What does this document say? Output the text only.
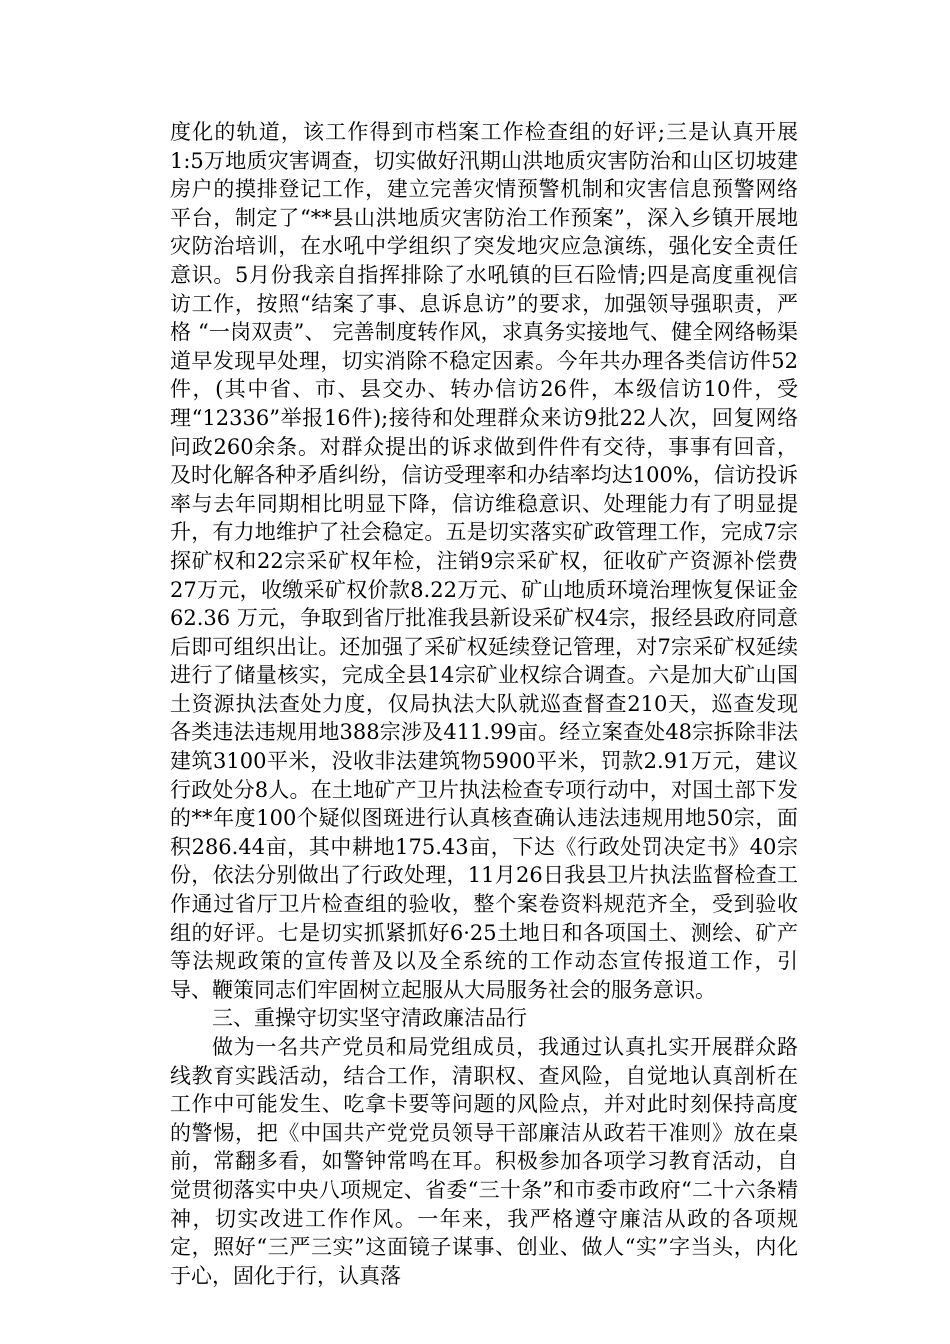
度化的轨道，该工作得到市档案工作检查组的好评;三是认真开展1:5万地质灾害调查，切实做好汛期山洪地质灾害防治和山区切坡建房户的摸排登记工作，建立完善灾情预警机制和灾害信息预警网络平台，制定了“**县山洪地质灾害防治工作预案”，深入乡镇开展地灾防治培训，在水吼中学组织了突发地灾应急演练，强化安全责任意识。5月份我亲自指挥排除了水吼镇的巨石险情;四是高度重视信访工作，按照“结案了事、息诉息访”的要求，加强领导强职责，严格 “一岗双责”、 完善制度转作风，求真务实接地气、健全网络畅渠道早发现早处理，切实消除不稳定因素。今年共办理各类信访件52件，(其中省、市、县交办、转办信访26件，本级信访10件，受理“12336”举报16件);接待和处理群众来访9批22人次，回复网络问政260余条。对群众提出的诉求做到件件有交待，事事有回音，及时化解各种矛盾纠纷，信访受理率和办结率均达100%，信访投诉率与去年同期相比明显下降，信访维稳意识、处理能力有了明显提升，有力地维护了社会稳定。五是切实落实矿政管理工作，完成7宗探矿权和22宗采矿权年检，注销9宗采矿权，征收矿产资源补偿费27万元，收缴采矿权价款8.22万元、矿山地质环境治理恢复保证金62.36 万元，争取到省厅批准我县新设采矿权4宗，报经县政府同意后即可组织出让。还加强了采矿权延续登记管理，对7宗采矿权延续进行了储量核实，完成全县14宗矿业权综合调查。六是加大矿山国土资源执法查处力度，仅局执法大队就巡查督查210天，巡查发现各类违法违规用地388宗涉及411.99亩。经立案查处48宗拆除非法建筑3100平米，没收非法建筑物5900平米，罚款2.91万元，建议行政处分8人。在土地矿产卫片执法检查专项行动中，对国土部下发的**年度100个疑似图斑进行认真核查确认违法违规用地50宗，面积286.44亩，其中耕地175.43亩，下达《行政处罚决定书》40宗份，依法分别做出了行政处理，11月26日我县卫片执法监督检查工作通过省厅卫片检查组的验收，整个案卷资料规范齐全，受到验收组的好评。七是切实抓紧抓好6·25土地日和各项国土、测绘、矿产等法规政策的宣传普及以及全系统的工作动态宣传报道工作，引导、鞭策同志们牢固树立起服从大局服务社会的服务意识。

三、重操守切实坚守清政廉洁品行

做为一名共产党员和局党组成员，我通过认真扎实开展群众路线教育实践活动，结合工作，清职权、查风险，自觉地认真剖析在工作中可能发生、吃拿卡要等问题的风险点，并对此时刻保持高度的警惕，把《中国共产党党员领导干部廉洁从政若干准则》放在桌前，常翻多看，如警钟常鸣在耳。积极参加各项学习教育活动，自觉贯彻落实中央八项规定、省委“三十条”和市委市政府“二十六条精神，切实改进工作作风。一年来，我严格遵守廉洁从政的各项规定，照好“三严三实”这面镜子谋事、创业、做人“实”字当头，内化于心，固化于行，认真落
